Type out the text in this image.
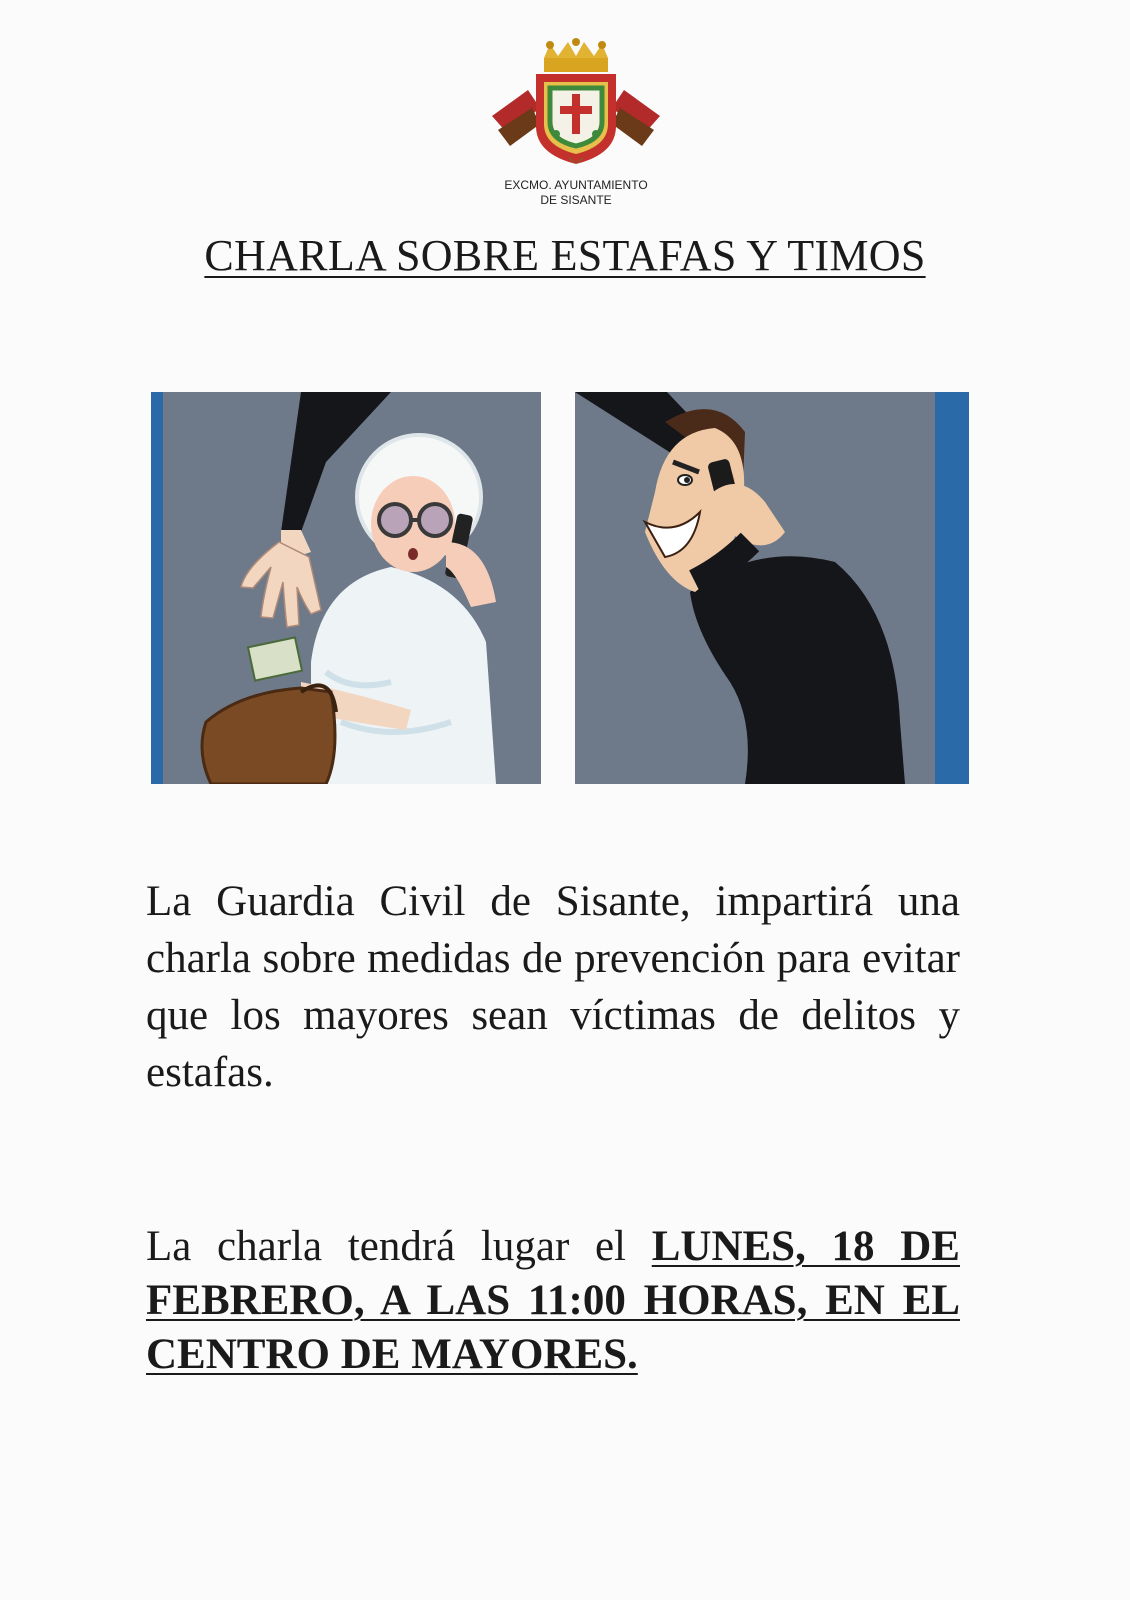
EXCMO. AYUNTAMIENTO
DE SISANTE
CHARLA SOBRE ESTAFAS Y TIMOS
La Guardia Civil de Sisante, impartirá una charla sobre medidas de prevención para evitar que los mayores sean víctimas de delitos y estafas.
La charla tendrá lugar el LUNES, 18 DE FEBRERO, A LAS 11:00 HORAS, EN EL CENTRO DE MAYORES.
